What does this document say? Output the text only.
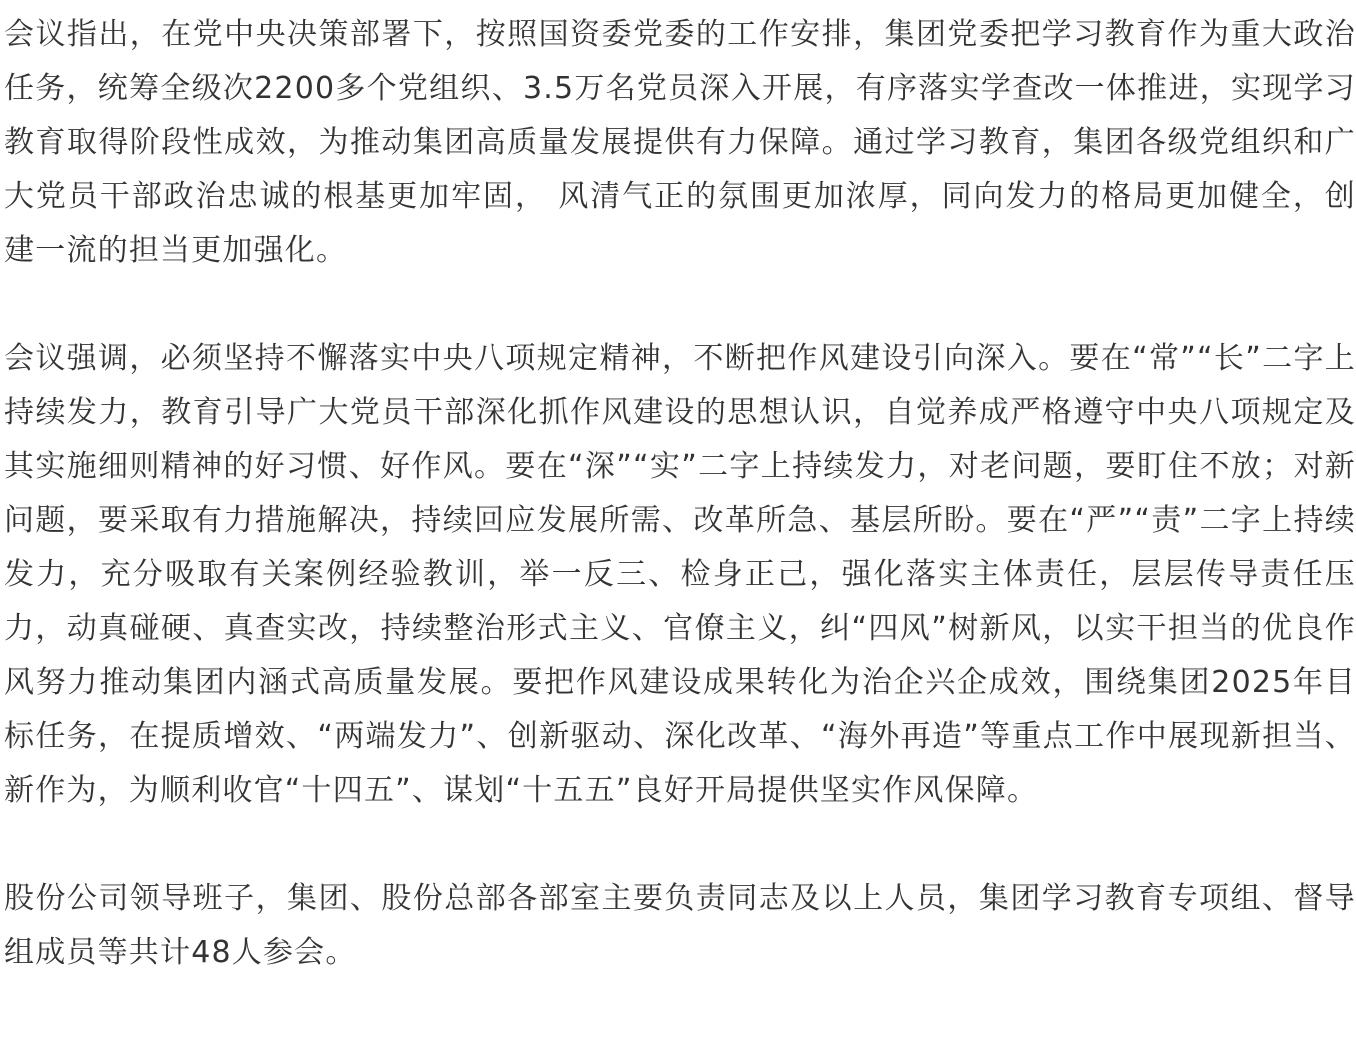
会议指出，在党中央决策部署下，按照国资委党委的工作安排，集团党委把学习教育作为重大政治任务，统筹全级次2200多个党组织、3.5万名党员深入开展，有序落实学查改一体推进，实现学习教育取得阶段性成效，为推动集团高质量发展提供有力保障。通过学习教育，集团各级党组织和广大党员干部政治忠诚的根基更加牢固， 风清气正的氛围更加浓厚，同向发力的格局更加健全，创建一流的担当更加强化。

会议强调，必须坚持不懈落实中央八项规定精神，不断把作风建设引向深入。要在“常”“长”二字上持续发力，教育引导广大党员干部深化抓作风建设的思想认识，自觉养成严格遵守中央八项规定及其实施细则精神的好习惯、好作风。要在“深”“实”二字上持续发力，对老问题，要盯住不放；对新问题，要采取有力措施解决，持续回应发展所需、改革所急、基层所盼。要在“严”“责”二字上持续发力，充分吸取有关案例经验教训，举一反三、检身正己，强化落实主体责任，层层传导责任压力，动真碰硬、真查实改，持续整治形式主义、官僚主义，纠“四风”树新风，以实干担当的优良作风努力推动集团内涵式高质量发展。要把作风建设成果转化为治企兴企成效，围绕集团2025年目标任务，在提质增效、“两端发力”、创新驱动、深化改革、“海外再造”等重点工作中展现新担当、新作为，为顺利收官“十四五”、谋划“十五五”良好开局提供坚实作风保障。

股份公司领导班子，集团、股份总部各部室主要负责同志及以上人员，集团学习教育专项组、督导组成员等共计48人参会。
